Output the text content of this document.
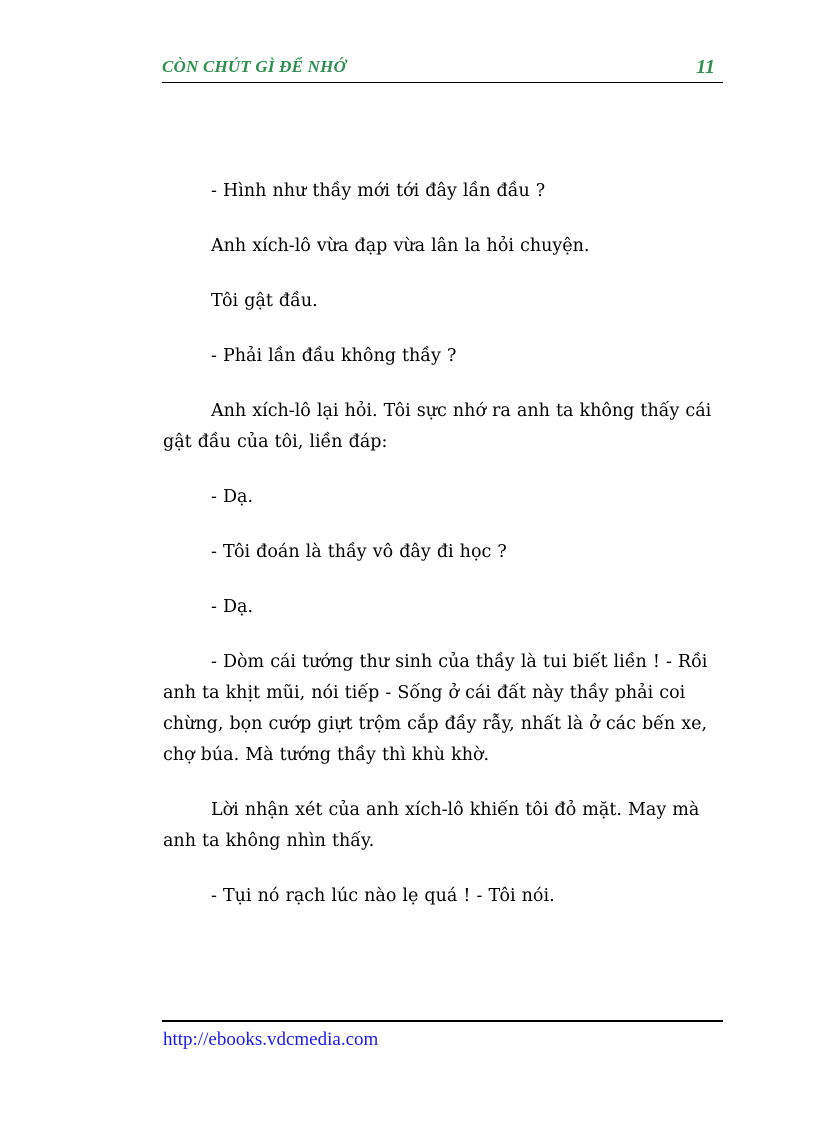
CÒN CHÚT GÌ ĐỂ NHỚ	11

- Hình như thầy mới tới đây lần đầu ?

Anh xích-lô vừa đạp vừa lân la hỏi chuyện.

Tôi gật đầu.

- Phải lần đầu không thầy ?

Anh xích-lô lại hỏi. Tôi sực nhớ ra anh ta không thấy cái gật đầu của tôi, liền đáp:

- Dạ.

- Tôi đoán là thầy vô đây đi học ?

- Dạ.

- Dòm cái tướng thư sinh của thầy là tui biết liền ! - Rồi anh ta khịt mũi, nói tiếp - Sống ở cái đất này thầy phải coi chừng, bọn cướp giựt trộm cắp đầy rẫy, nhất là ở các bến xe, chợ búa. Mà tướng thầy thì khù khờ.

Lời nhận xét của anh xích-lô khiến tôi đỏ mặt. May mà anh ta không nhìn thấy.

- Tụi nó rạch lúc nào lẹ quá ! - Tôi nói.

http://ebooks.vdcmedia.com
